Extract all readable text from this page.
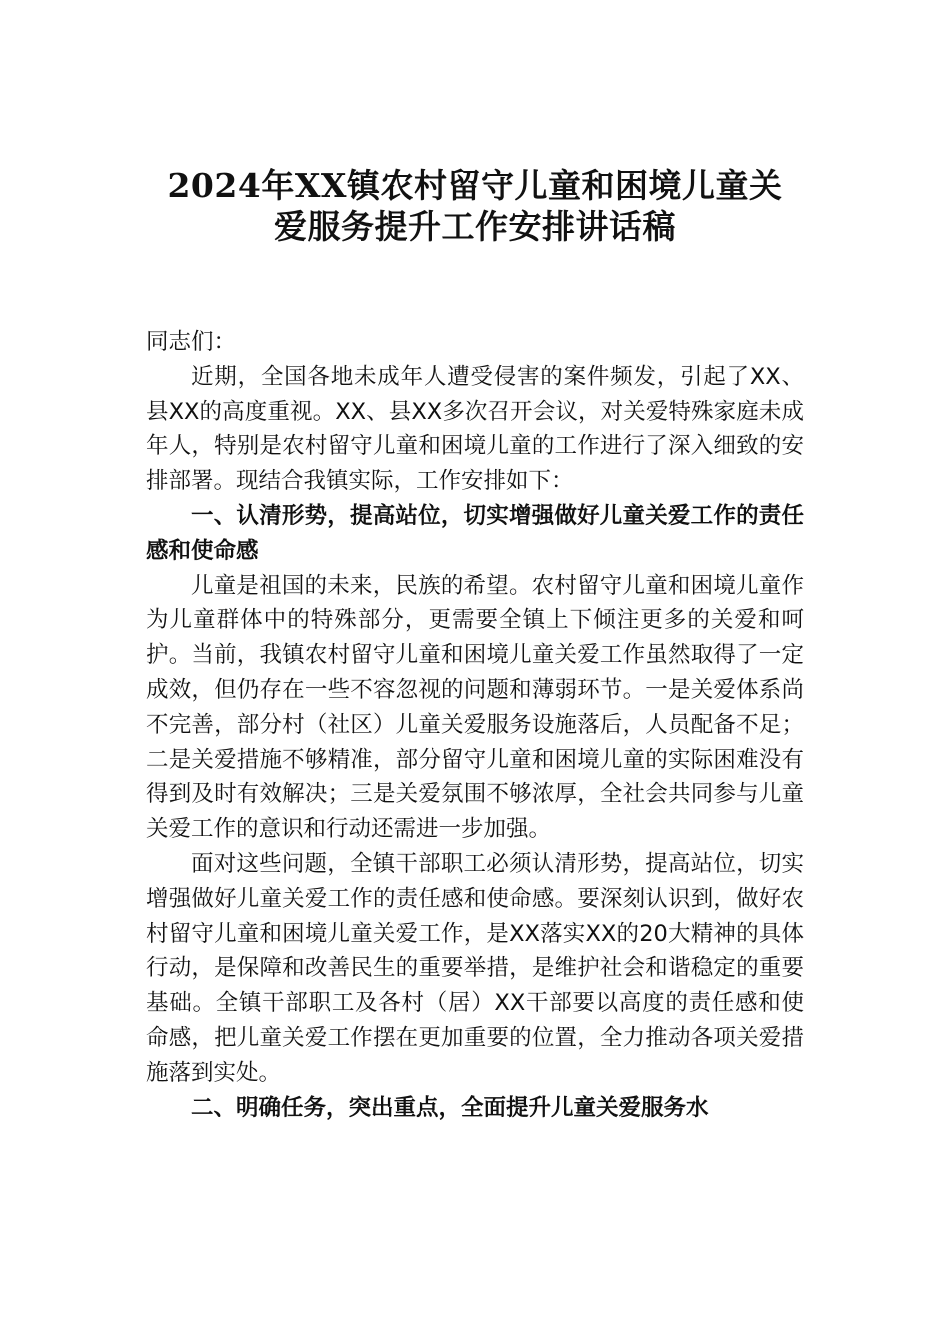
2024年XX镇农村留守儿童和困境儿童关
爱服务提升工作安排讲话稿

同志们：

近期，全国各地未成年人遭受侵害的案件频发，引起了XX、县XX的高度重视。XX、县XX多次召开会议，对关爱特殊家庭未成年人，特别是农村留守儿童和困境儿童的工作进行了深入细致的安排部署。现结合我镇实际，工作安排如下：

一、认清形势，提高站位，切实增强做好儿童关爱工作的责任感和使命感

儿童是祖国的未来，民族的希望。农村留守儿童和困境儿童作为儿童群体中的特殊部分，更需要全镇上下倾注更多的关爱和呵护。当前，我镇农村留守儿童和困境儿童关爱工作虽然取得了一定成效，但仍存在一些不容忽视的问题和薄弱环节。一是关爱体系尚不完善，部分村（社区）儿童关爱服务设施落后，人员配备不足；二是关爱措施不够精准，部分留守儿童和困境儿童的实际困难没有得到及时有效解决；三是关爱氛围不够浓厚，全社会共同参与儿童关爱工作的意识和行动还需进一步加强。

面对这些问题，全镇干部职工必须认清形势，提高站位，切实增强做好儿童关爱工作的责任感和使命感。要深刻认识到，做好农村留守儿童和困境儿童关爱工作，是XX落实XX的20大精神的具体行动，是保障和改善民生的重要举措，是维护社会和谐稳定的重要基础。全镇干部职工及各村（居）XX干部要以高度的责任感和使命感，把儿童关爱工作摆在更加重要的位置，全力推动各项关爱措施落到实处。

二、明确任务，突出重点，全面提升儿童关爱服务水
